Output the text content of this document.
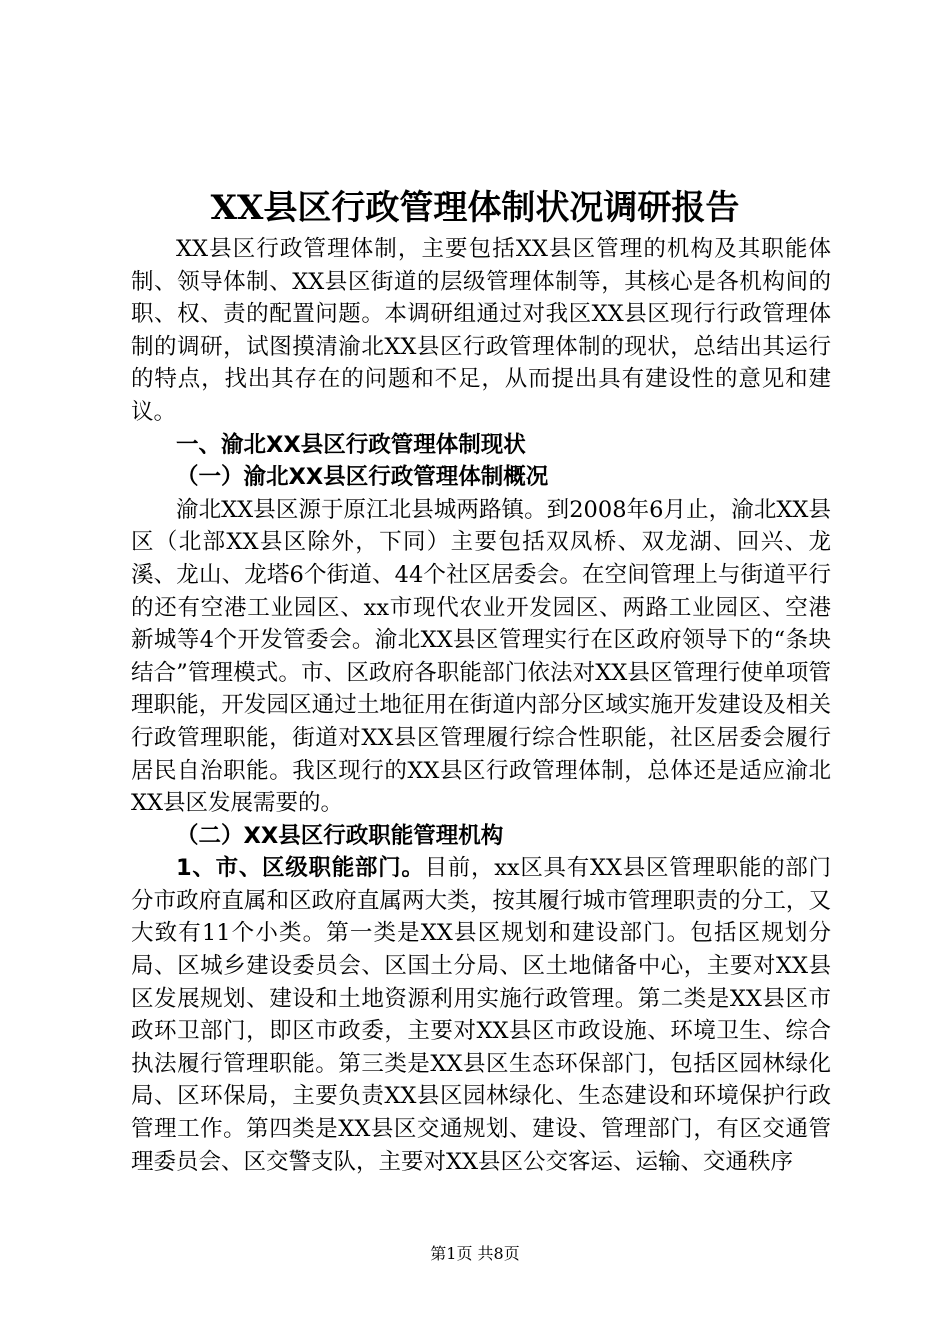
XX县区行政管理体制状况调研报告

XX县区行政管理体制，主要包括XX县区管理的机构及其职能体制、领导体制、XX县区街道的层级管理体制等，其核心是各机构间的职、权、责的配置问题。本调研组通过对我区XX县区现行行政管理体制的调研，试图摸清渝北XX县区行政管理体制的现状，总结出其运行的特点，找出其存在的问题和不足，从而提出具有建设性的意见和建议。

一、渝北XX县区行政管理体制现状

（一）渝北XX县区行政管理体制概况

渝北XX县区源于原江北县城两路镇。到2008年6月止，渝北XX县区（北部XX县区除外，下同）主要包括双凤桥、双龙湖、回兴、龙溪、龙山、龙塔6个街道、44个社区居委会。在空间管理上与街道平行的还有空港工业园区、xx市现代农业开发园区、两路工业园区、空港新城等4个开发管委会。渝北XX县区管理实行在区政府领导下的“条块结合”管理模式。市、区政府各职能部门依法对XX县区管理行使单项管理职能，开发园区通过土地征用在街道内部分区域实施开发建设及相关行政管理职能，街道对XX县区管理履行综合性职能，社区居委会履行居民自治职能。我区现行的XX县区行政管理体制，总体还是适应渝北XX县区发展需要的。

（二）XX县区行政职能管理机构

1、市、区级职能部门。目前，xx区具有XX县区管理职能的部门分市政府直属和区政府直属两大类，按其履行城市管理职责的分工，又大致有11个小类。第一类是XX县区规划和建设部门。包括区规划分局、区城乡建设委员会、区国土分局、区土地储备中心，主要对XX县区发展规划、建设和土地资源利用实施行政管理。第二类是XX县区市政环卫部门，即区市政委，主要对XX县区市政设施、环境卫生、综合执法履行管理职能。第三类是XX县区生态环保部门，包括区园林绿化局、区环保局，主要负责XX县区园林绿化、生态建设和环境保护行政管理工作。第四类是XX县区交通规划、建设、管理部门，有区交通管理委员会、区交警支队，主要对XX县区公交客运、运输、交通秩序

第1页 共8页
